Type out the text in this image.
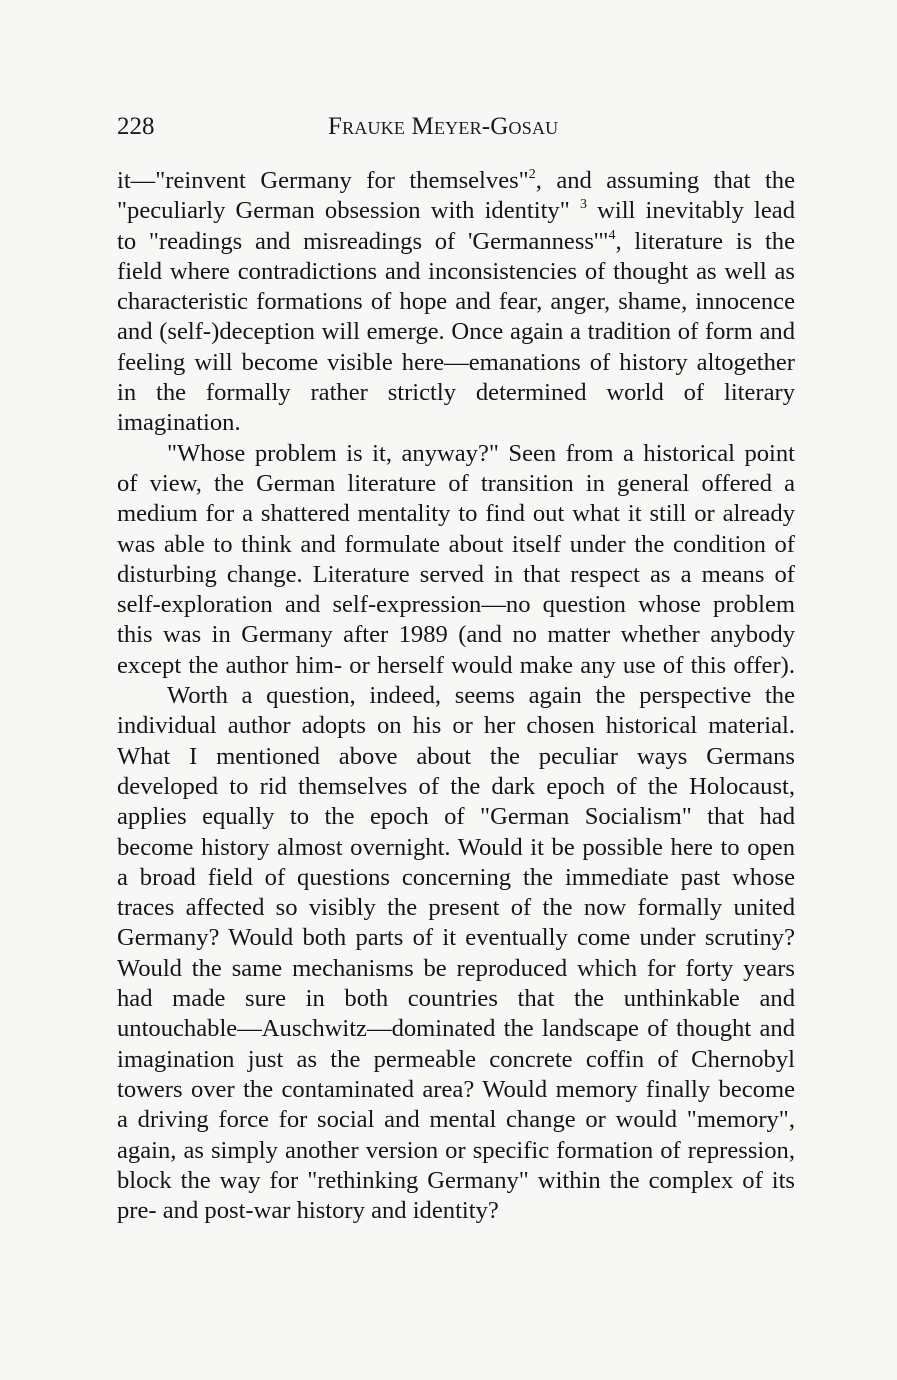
228	Frauke Meyer-Gosau
it—"reinvent Germany for themselves"$^2$, and assuming that the
"peculiarly German obsession with identity" $^3$ will inevitably lead
to "readings and misreadings of 'Germanness'"$^4$, literature is the
field where contradictions and inconsistencies of thought as well as
characteristic formations of hope and fear, anger, shame, innocence
and (self-)deception will emerge. Once again a tradition of form and
feeling will become visible here—emanations of history altogether
in the formally rather strictly determined world of literary
imagination.
"Whose problem is it, anyway?" Seen from a historical point
of view, the German literature of transition in general offered a
medium for a shattered mentality to find out what it still or already
was able to think and formulate about itself under the condition of
disturbing change. Literature served in that respect as a means of
self-exploration and self-expression—no question whose problem
this was in Germany after 1989 (and no matter whether anybody
except the author him- or herself would make any use of this offer).
Worth a question, indeed, seems again the perspective the
individual author adopts on his or her chosen historical material.
What I mentioned above about the peculiar ways Germans
developed to rid themselves of the dark epoch of the Holocaust,
applies equally to the epoch of "German Socialism" that had
become history almost overnight. Would it be possible here to open
a broad field of questions concerning the immediate past whose
traces affected so visibly the present of the now formally united
Germany? Would both parts of it eventually come under scrutiny?
Would the same mechanisms be reproduced which for forty years
had made sure in both countries that the unthinkable and
untouchable—Auschwitz—dominated the landscape of thought and
imagination just as the permeable concrete coffin of Chernobyl
towers over the contaminated area? Would memory finally become
a driving force for social and mental change or would "memory",
again, as simply another version or specific formation of repression,
block the way for "rethinking Germany" within the complex of its
pre- and post-war history and identity?
